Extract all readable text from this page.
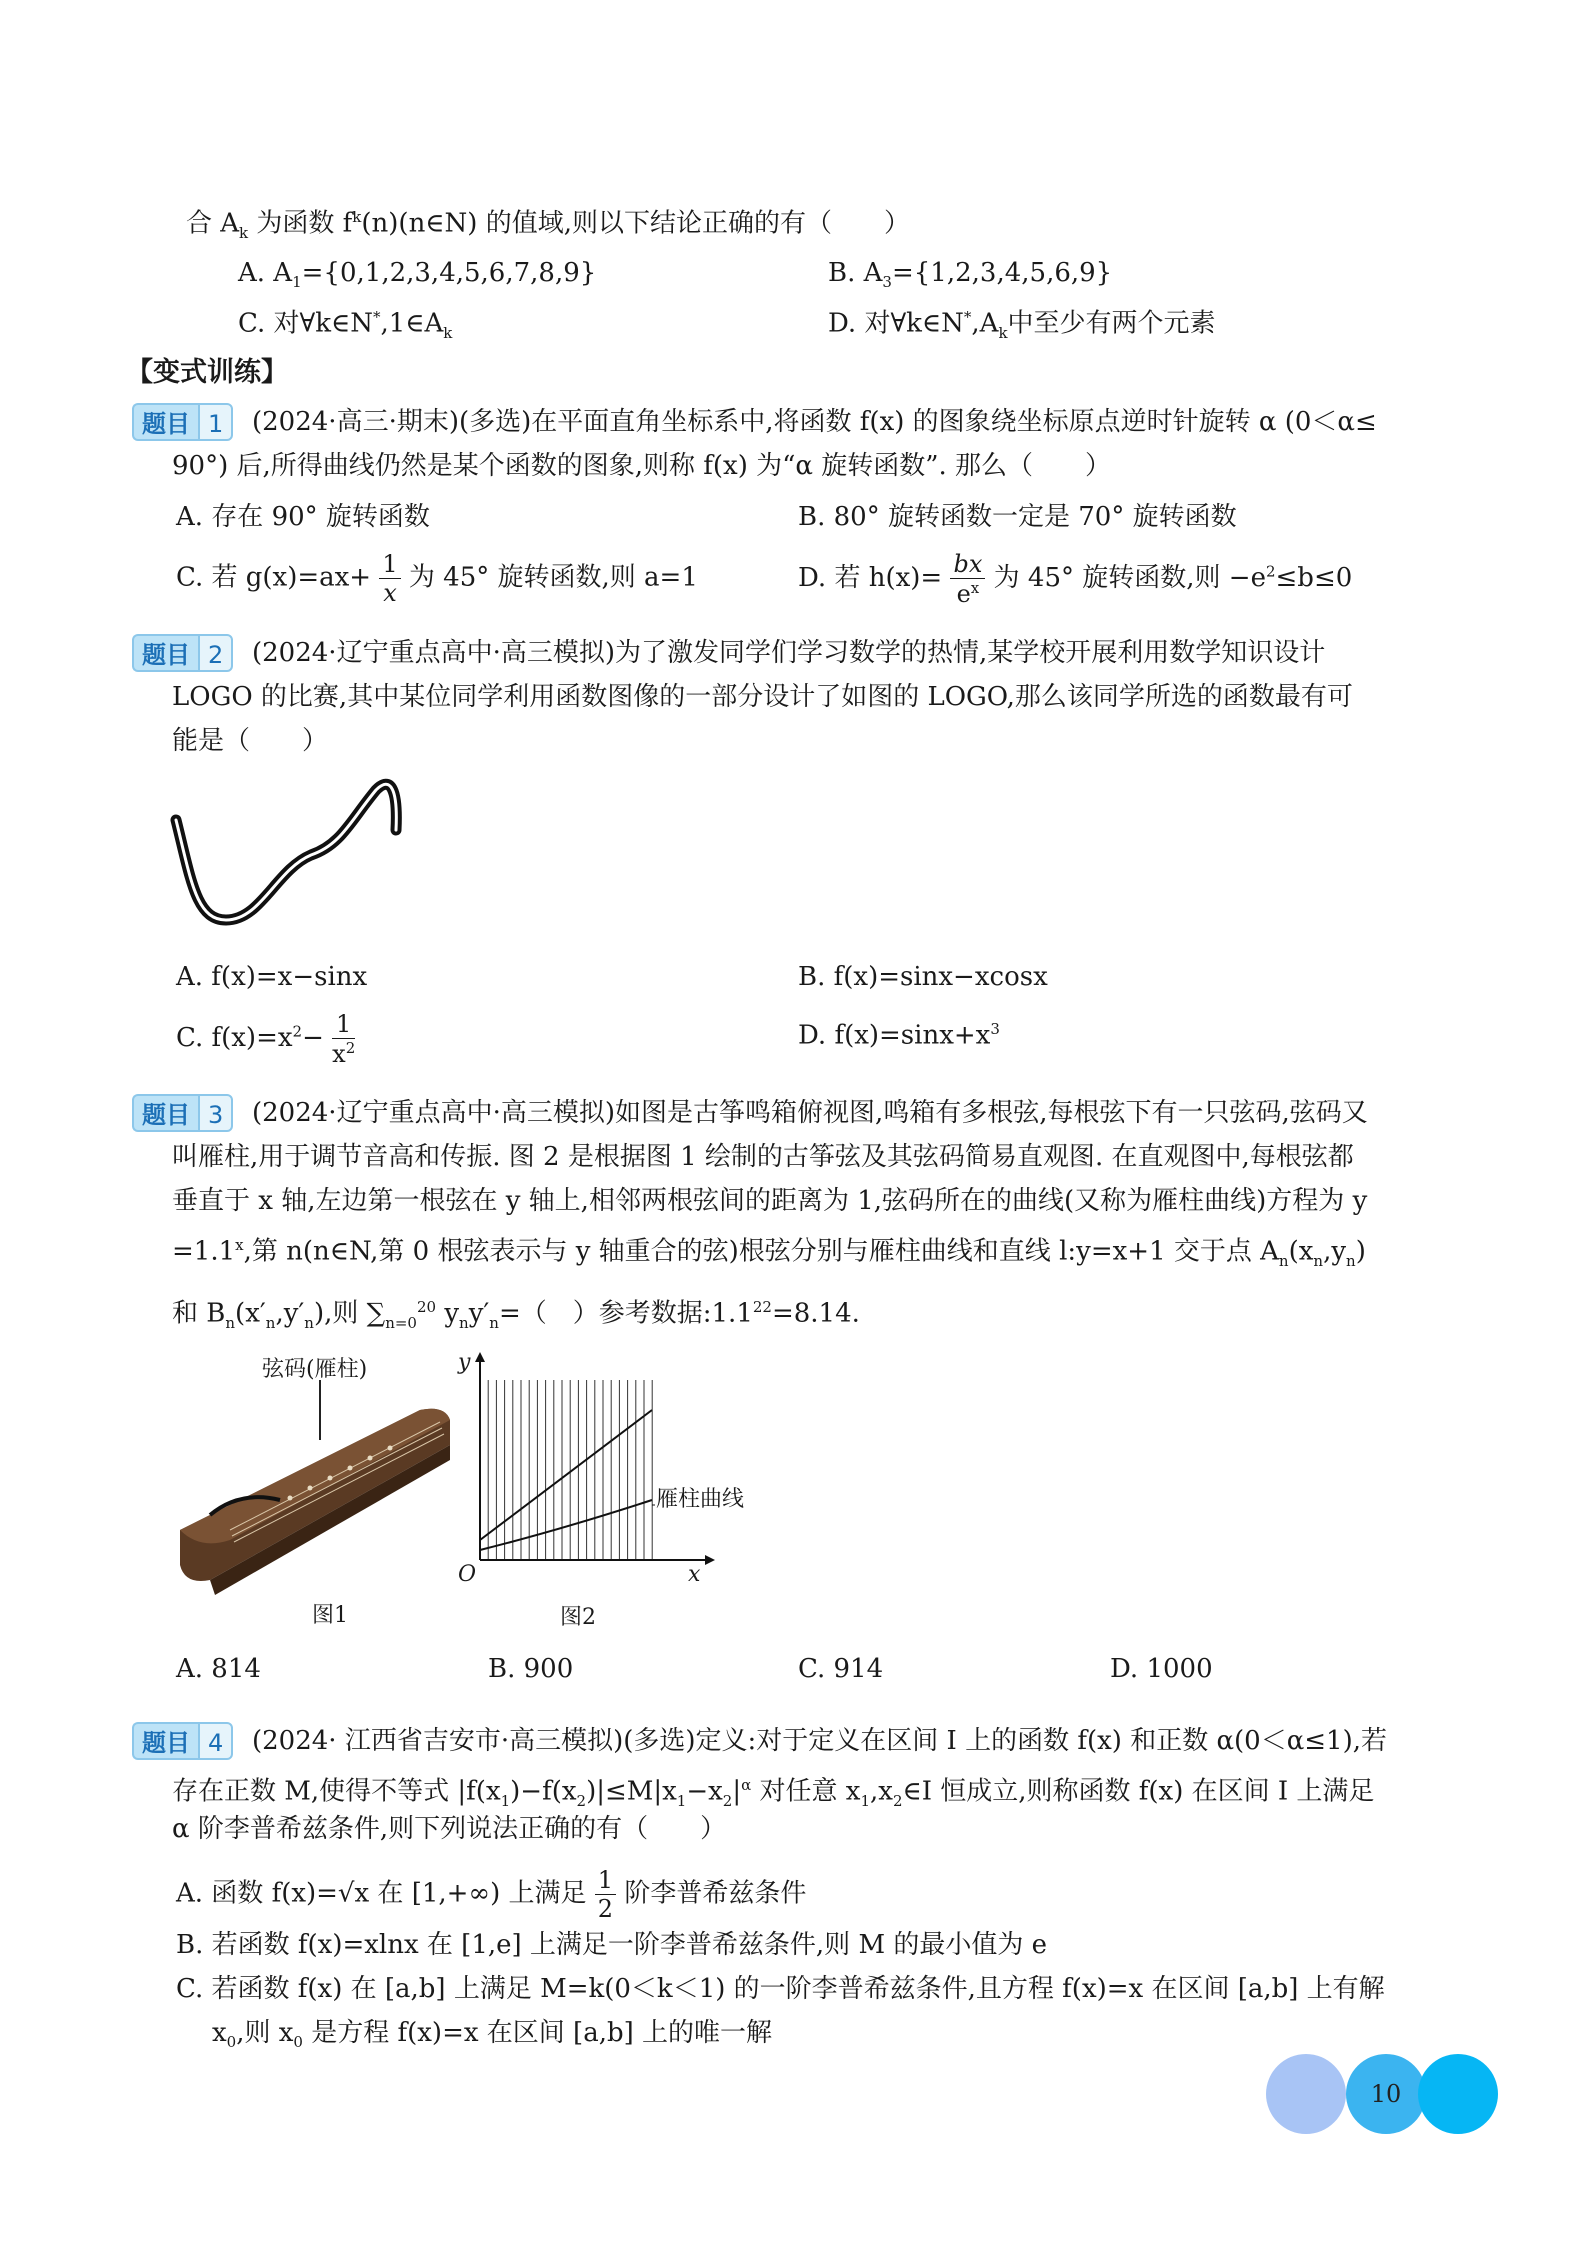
合 $A_k$ 为函数 $f^k(n)(n\in N)$ 的值域,则以下结论正确的有（　　）
A. $A_1=\{0,1,2,3,4,5,6,7,8,9\}$	B. $A_3=\{1,2,3,4,5,6,9\}$
C. 对$\forall k\in N^*,1\in A_k$	D. 对$\forall k\in N^*,A_k$中至少有两个元素
【变式训练】
题目 1	(2024·高三·期末)(多选)在平面直角坐标系中,将函数 f(x) 的图象绕坐标原点逆时针旋转 α (0＜α≤
90°) 后,所得曲线仍然是某个函数的图象,则称 f(x) 为“α 旋转函数”. 那么（　　）
A. 存在 90° 旋转函数	B. 80° 旋转函数一定是 70° 旋转函数
C. 若 $g(x)=ax+ \frac{1}{x}$ 为 45° 旋转函数,则 a=1	D. 若 $h(x)= \frac{bx}{e^x}$ 为 45° 旋转函数,则 $-e^2\le b\le 0$
题目 2	(2024·辽宁重点高中·高三模拟)为了激发同学们学习数学的热情,某学校开展利用数学知识设计
LOGO 的比赛,其中某位同学利用函数图像的一部分设计了如图的 LOGO,那么该同学所选的函数最有可
能是（　　）
A. f(x)=x−sinx	B. f(x)=sinx−xcosx
C. $f(x)=x^2- \frac{1}{x^2}$	D. $f(x)=\sin x+x^3$
题目 3	(2024·辽宁重点高中·高三模拟)如图是古筝鸣箱俯视图,鸣箱有多根弦,每根弦下有一只弦码,弦码又
叫雁柱,用于调节音高和传振. 图 2 是根据图 1 绘制的古筝弦及其弦码简易直观图. 在直观图中,每根弦都
垂直于 x 轴,左边第一根弦在 y 轴上,相邻两根弦间的距离为 1,弦码所在的曲线(又称为雁柱曲线)方程为 y
$=1.1^x$,第 n(n∈N,第 0 根弦表示与 y 轴重合的弦)根弦分别与雁柱曲线和直线 l:y=x+1 交于点 $A_n(x_n,y_n)$
和 $B_n(x'_n,y'_n)$,则 $\sum_{n=0}^{20}$ $y_ny'_n=$（　）参考数据$:1.1^{22}=8.14$.
弦码(雁柱)
图1
y
x
O
雁柱曲线
图2
A. 814	B. 900	C. 914	D. 1000
题目 4	(2024· 江西省吉安市·高三模拟)(多选)定义:对于定义在区间 I 上的函数 f(x) 和正数 α(0＜α≤1),若
存在正数 M,使得不等式 $|f(x_1)-f(x_2)|\le M|x_1-x_2|^\alpha$ 对任意 $x_1,x_2\in I$ 恒成立,则称函数 f(x) 在区间 I 上满足
α 阶李普希兹条件,则下列说法正确的有（　　）
A. 函数 f(x)=√x 在 [1,+∞) 上满足 $\frac{1}{2}$ 阶李普希兹条件
B. 若函数 f(x)=xlnx 在 [1,e] 上满足一阶李普希兹条件,则 M 的最小值为 e
C. 若函数 f(x) 在 [a,b] 上满足 M=k(0＜k＜1) 的一阶李普希兹条件,且方程 f(x)=x 在区间 [a,b] 上有解
$x_0$,则 $x_0$ 是方程 f(x)=x 在区间 [a,b] 上的唯一解
10
